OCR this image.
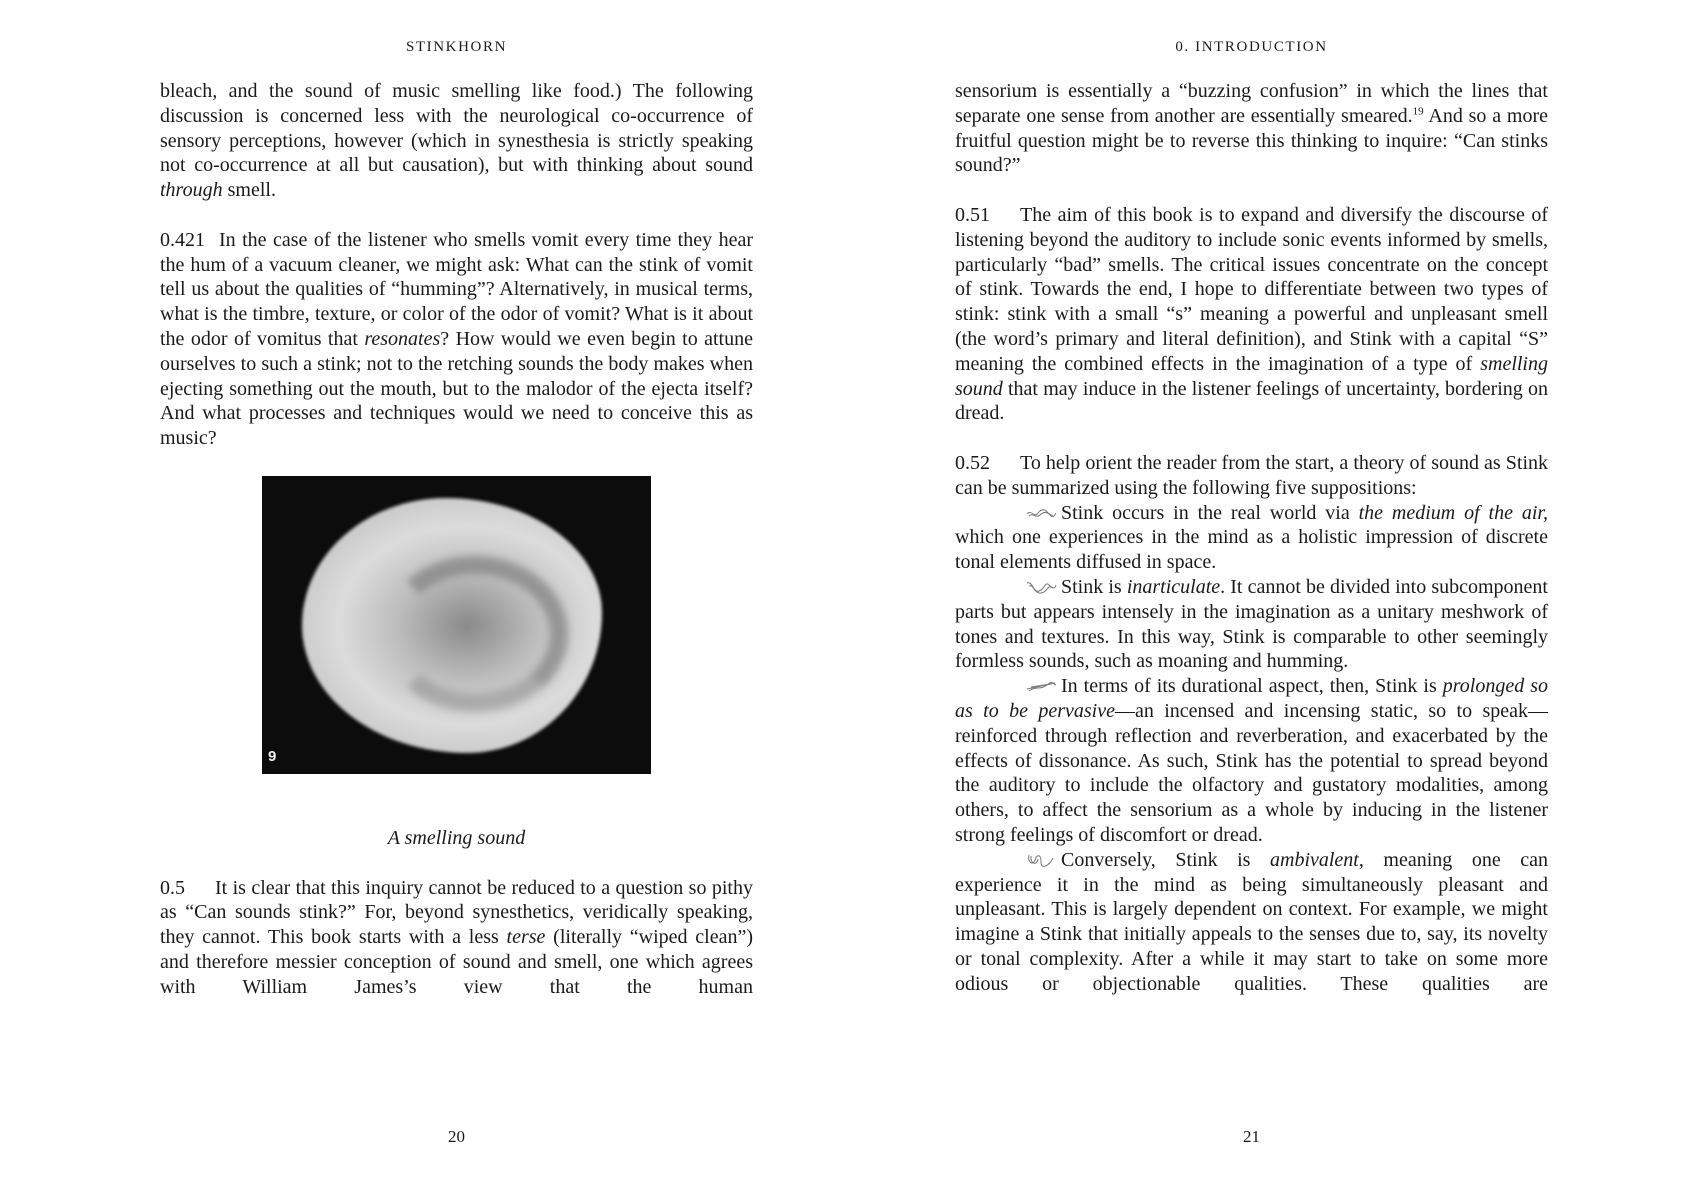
STINKHORN

bleach, and the sound of music smelling like food.) The following discussion is concerned less with the neurological co-occurrence of sensory perceptions, however (which in synesthesia is strictly speaking not co-occurrence at all but causation), but with thinking about sound through smell.

0.421 In the case of the listener who smells vomit every time they hear the hum of a vacuum cleaner, we might ask: What can the stink of vomit tell us about the qualities of “humming”? Alternatively, in musical terms, what is the timbre, texture, or color of the odor of vomit? What is it about the odor of vomitus that resonates? How would we even begin to attune ourselves to such a stink; not to the retching sounds the body makes when ejecting something out the mouth, but to the malodor of the ejecta itself? And what processes and techniques would we need to conceive this as music?

9
A smelling sound

0.5 It is clear that this inquiry cannot be reduced to a question so pithy as “Can sounds stink?” For, beyond synesthetics, veridically speaking, they cannot. This book starts with a less terse (literally “wiped clean”) and therefore messier conception of sound and smell, one which agrees with William James’s view that the human

20
0. INTRODUCTION

sensorium is essentially a “buzzing confusion” in which the lines that separate one sense from another are essentially smeared.$^{19}$ And so a more fruitful question might be to reverse this thinking to inquire: “Can stinks sound?”

0.51 The aim of this book is to expand and diversify the discourse of listening beyond the auditory to include sonic events informed by smells, particularly “bad” smells. The critical issues concentrate on the concept of stink. Towards the end, I hope to differentiate between two types of stink: stink with a small “s” meaning a powerful and unpleasant smell (the word’s primary and literal definition), and Stink with a capital “S” meaning the combined effects in the imagination of a type of smelling sound that may induce in the listener feelings of uncertainty, bordering on dread.

0.52 To help orient the reader from the start, a theory of sound as Stink can be summarized using the following five suppositions:

Stink occurs in the real world via the medium of the air, which one experiences in the mind as a holistic impression of discrete tonal elements diffused in space.

Stink is inarticulate. It cannot be divided into subcomponent parts but appears intensely in the imagination as a unitary meshwork of tones and textures. In this way, Stink is comparable to other seemingly formless sounds, such as moaning and humming.

In terms of its durational aspect, then, Stink is prolonged so as to be pervasive—an incensed and incensing static, so to speak—reinforced through reflection and reverberation, and exacerbated by the effects of dissonance. As such, Stink has the potential to spread beyond the auditory to include the olfactory and gustatory modalities, among others, to affect the sensorium as a whole by inducing in the listener strong feelings of discomfort or dread.

Conversely, Stink is ambivalent, meaning one can experience it in the mind as being simultaneously pleasant and unpleasant. This is largely dependent on context. For example, we might imagine a Stink that initially appeals to the senses due to, say, its novelty or tonal complexity. After a while it may start to take on some more odious or objectionable qualities. These qualities are

21
